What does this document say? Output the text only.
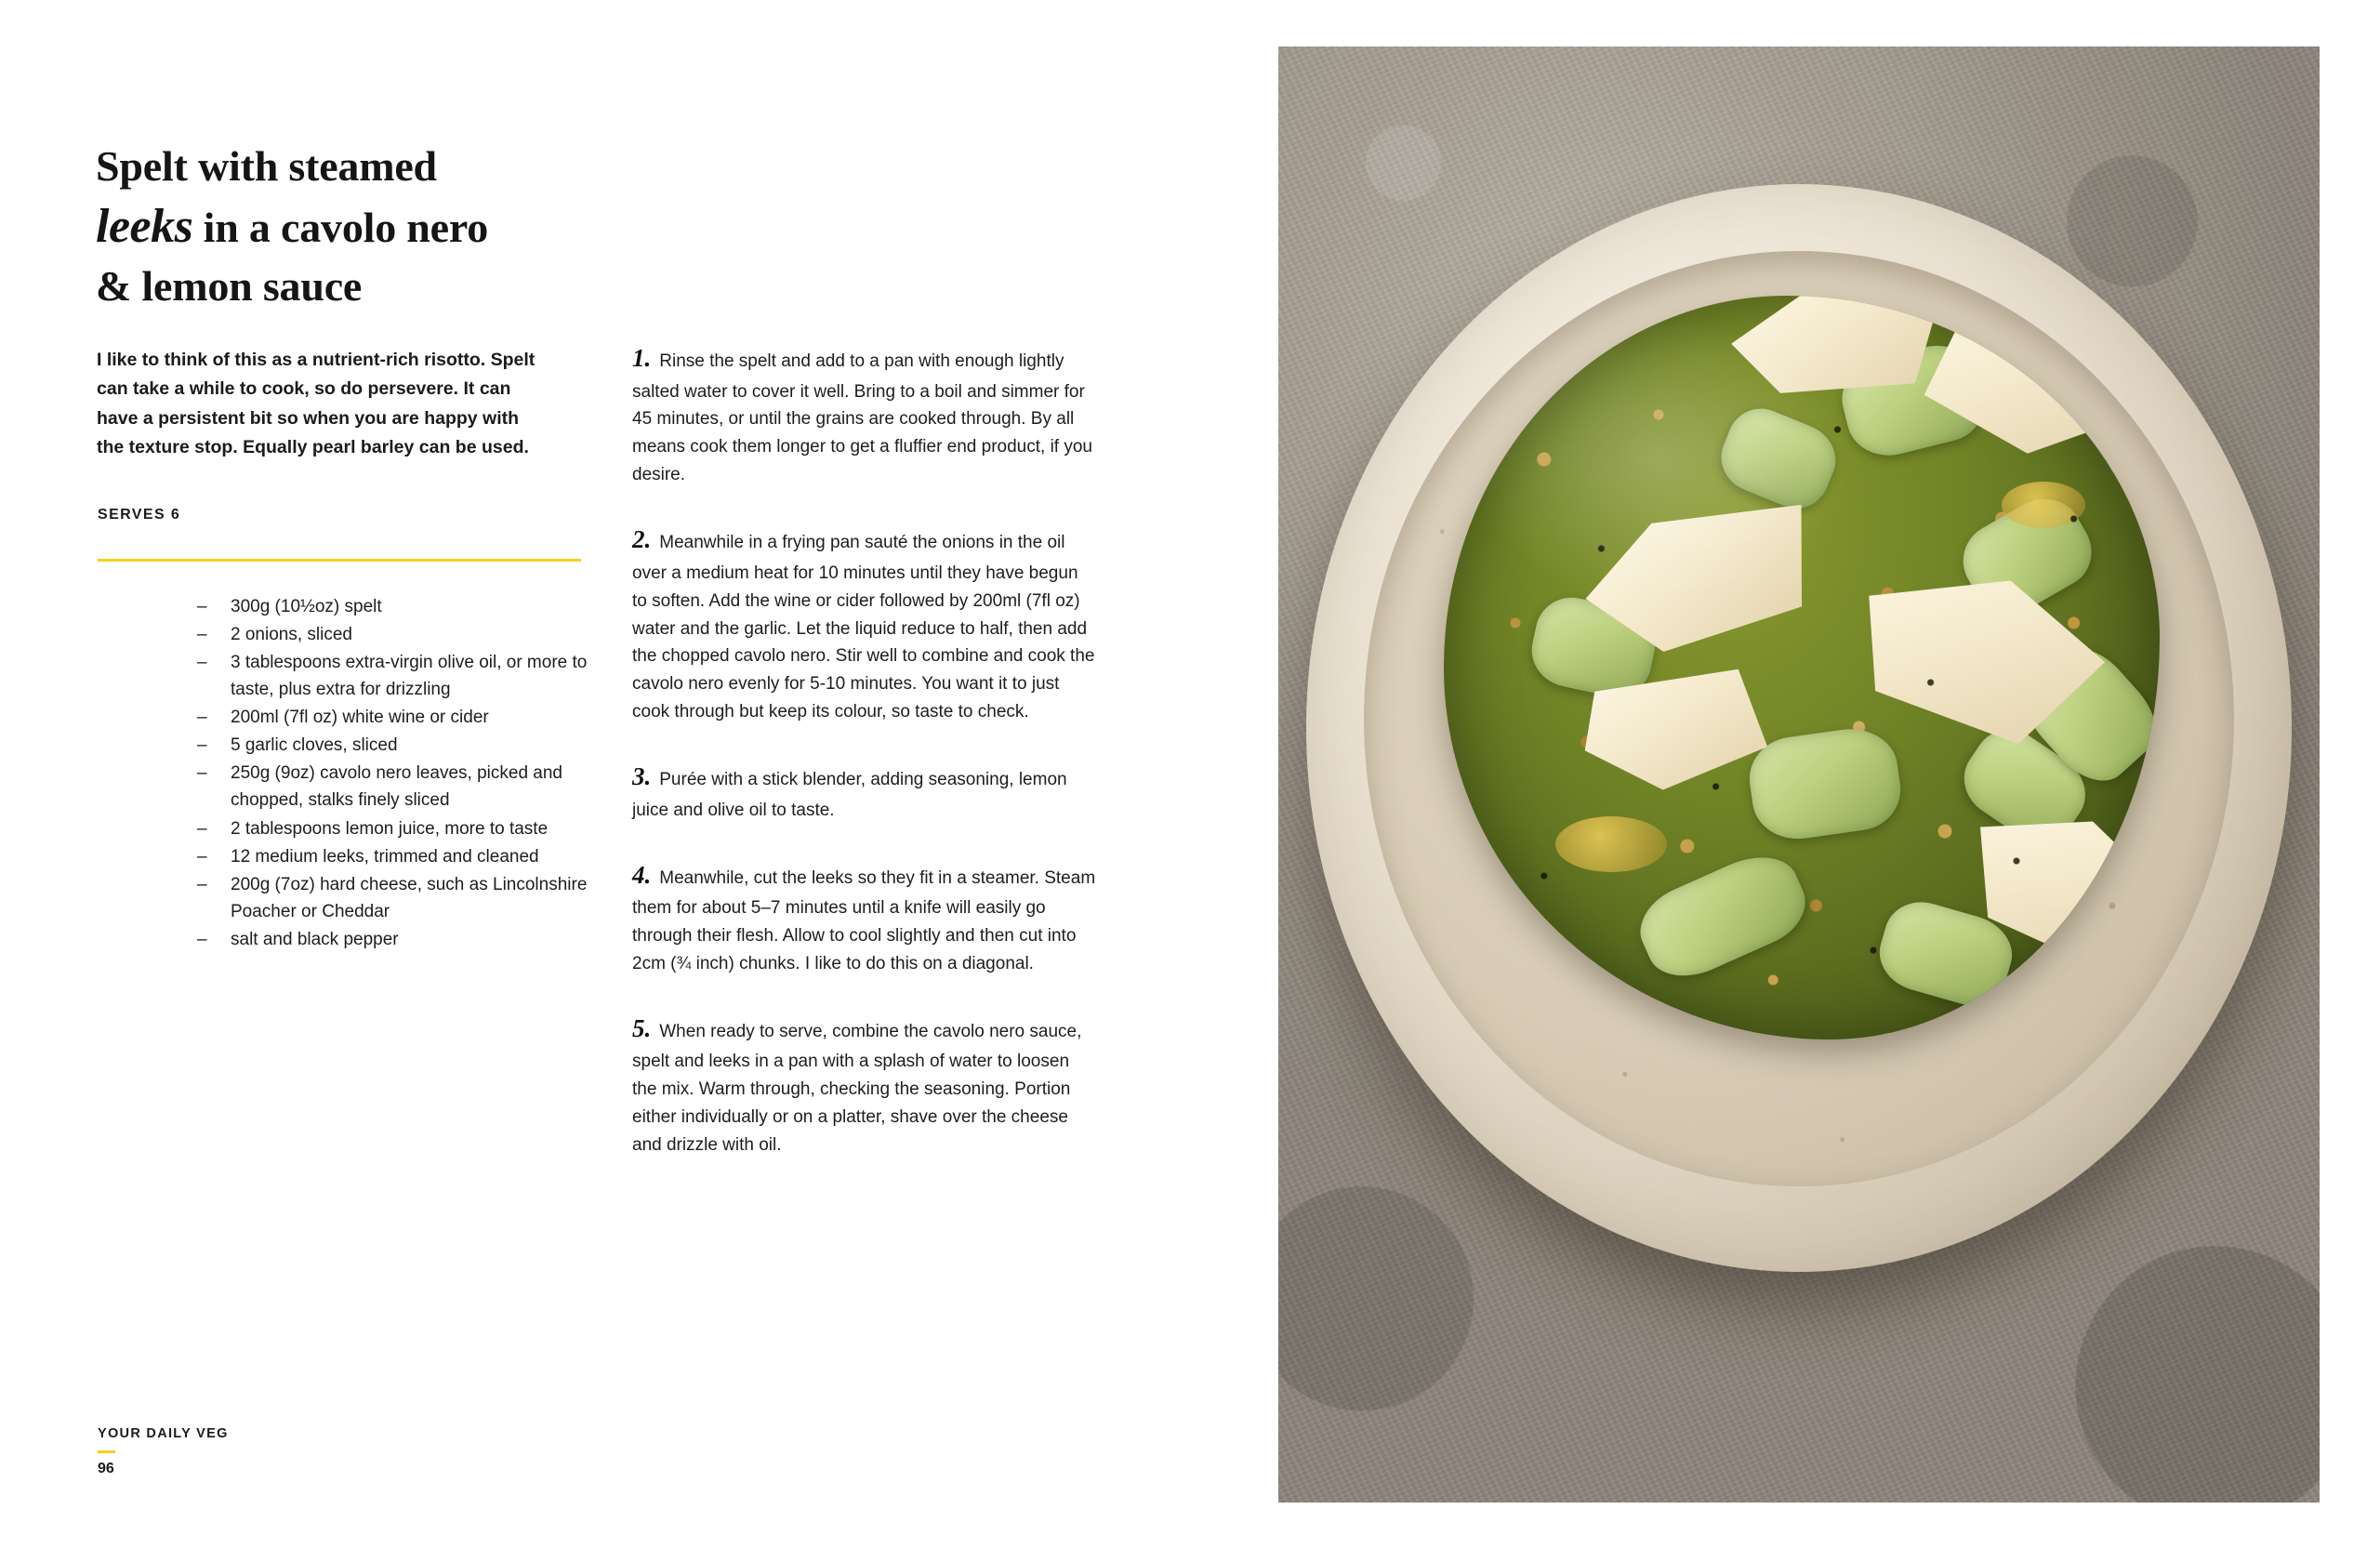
Spelt with steamed
leeks in a cavolo nero
& lemon sauce

I like to think of this as a nutrient-rich risotto. Spelt can take a while to cook, so do persevere. It can have a persistent bit so when you are happy with the texture stop. Equally pearl barley can be used.

SERVES 6
–	300g (10½oz) spelt
–	2 onions, sliced
–	3 tablespoons extra-virgin olive oil, or more to taste, plus extra for drizzling
–	200ml (7fl oz) white wine or cider
–	5 garlic cloves, sliced
–	250g (9oz) cavolo nero leaves, picked and chopped, stalks finely sliced
–	2 tablespoons lemon juice, more to taste
–	12 medium leeks, trimmed and cleaned
–	200g (7oz) hard cheese, such as Lincolnshire Poacher or Cheddar
–	salt and black pepper

1. Rinse the spelt and add to a pan with enough lightly salted water to cover it well. Bring to a boil and simmer for 45 minutes, or until the grains are cooked through. By all means cook them longer to get a fluffier end product, if you desire.

2. Meanwhile in a frying pan sauté the onions in the oil over a medium heat for 10 minutes until they have begun to soften. Add the wine or cider followed by 200ml (7fl oz) water and the garlic. Let the liquid reduce to half, then add the chopped cavolo nero. Stir well to combine and cook the cavolo nero evenly for 5-10 minutes. You want it to just cook through but keep its colour, so taste to check.

3. Purée with a stick blender, adding seasoning, lemon juice and olive oil to taste.

4. Meanwhile, cut the leeks so they fit in a steamer. Steam them for about 5–7 minutes until a knife will easily go through their flesh. Allow to cool slightly and then cut into 2cm (¾ inch) chunks. I like to do this on a diagonal.

5. When ready to serve, combine the cavolo nero sauce, spelt and leeks in a pan with a splash of water to loosen the mix. Warm through, checking the seasoning. Portion either individually or on a platter, shave over the cheese and drizzle with oil.

YOUR DAILY VEG
96
